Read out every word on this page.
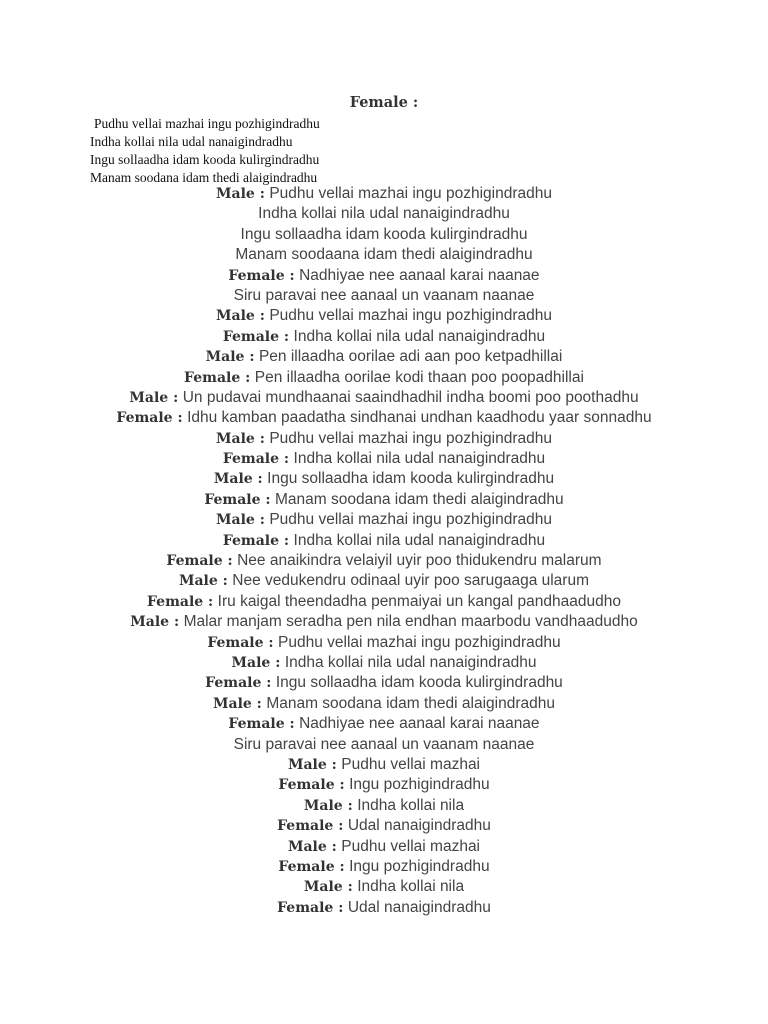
Female :
Pudhu vellai mazhai ingu pozhigindradhu
Indha kollai nila udal nanaigindradhu
Ingu sollaadha idam kooda kulirgindradhu
Manam soodana idam thedi alaigindradhu
Male : Pudhu vellai mazhai ingu pozhigindradhu
Indha kollai nila udal nanaigindradhu
Ingu sollaadha idam kooda kulirgindradhu
Manam soodaana idam thedi alaigindradhu
Female : Nadhiyae nee aanaal karai naanae
Siru paravai nee aanaal un vaanam naanae
Male : Pudhu vellai mazhai ingu pozhigindradhu
Female : Indha kollai nila udal nanaigindradhu
Male : Pen illaadha oorilae adi aan poo ketpadhillai
Female : Pen illaadha oorilae kodi thaan poo poopadhillai
Male : Un pudavai mundhaanai saaindhadhil indha boomi poo poothadhu
Female : Idhu kamban paadatha sindhanai undhan kaadhodu yaar sonnadhu
Male : Pudhu vellai mazhai ingu pozhigindradhu
Female : Indha kollai nila udal nanaigindradhu
Male : Ingu sollaadha idam kooda kulirgindradhu
Female : Manam soodana idam thedi alaigindradhu
Male : Pudhu vellai mazhai ingu pozhigindradhu
Female : Indha kollai nila udal nanaigindradhu
Female : Nee anaikindra velaiyil uyir poo thidukendru malarum
Male : Nee vedukendru odinaal uyir poo sarugaaga ularum
Female : Iru kaigal theendadha penmaiyai un kangal pandhaadudho
Male : Malar manjam seradha pen nila endhan maarbodu vandhaadudho
Female : Pudhu vellai mazhai ingu pozhigindradhu
Male : Indha kollai nila udal nanaigindradhu
Female : Ingu sollaadha idam kooda kulirgindradhu
Male : Manam soodana idam thedi alaigindradhu
Female : Nadhiyae nee aanaal karai naanae
Siru paravai nee aanaal un vaanam naanae
Male : Pudhu vellai mazhai
Female : Ingu pozhigindradhu
Male : Indha kollai nila
Female : Udal nanaigindradhu
Male : Pudhu vellai mazhai
Female : Ingu pozhigindradhu
Male : Indha kollai nila
Female : Udal nanaigindradhu
